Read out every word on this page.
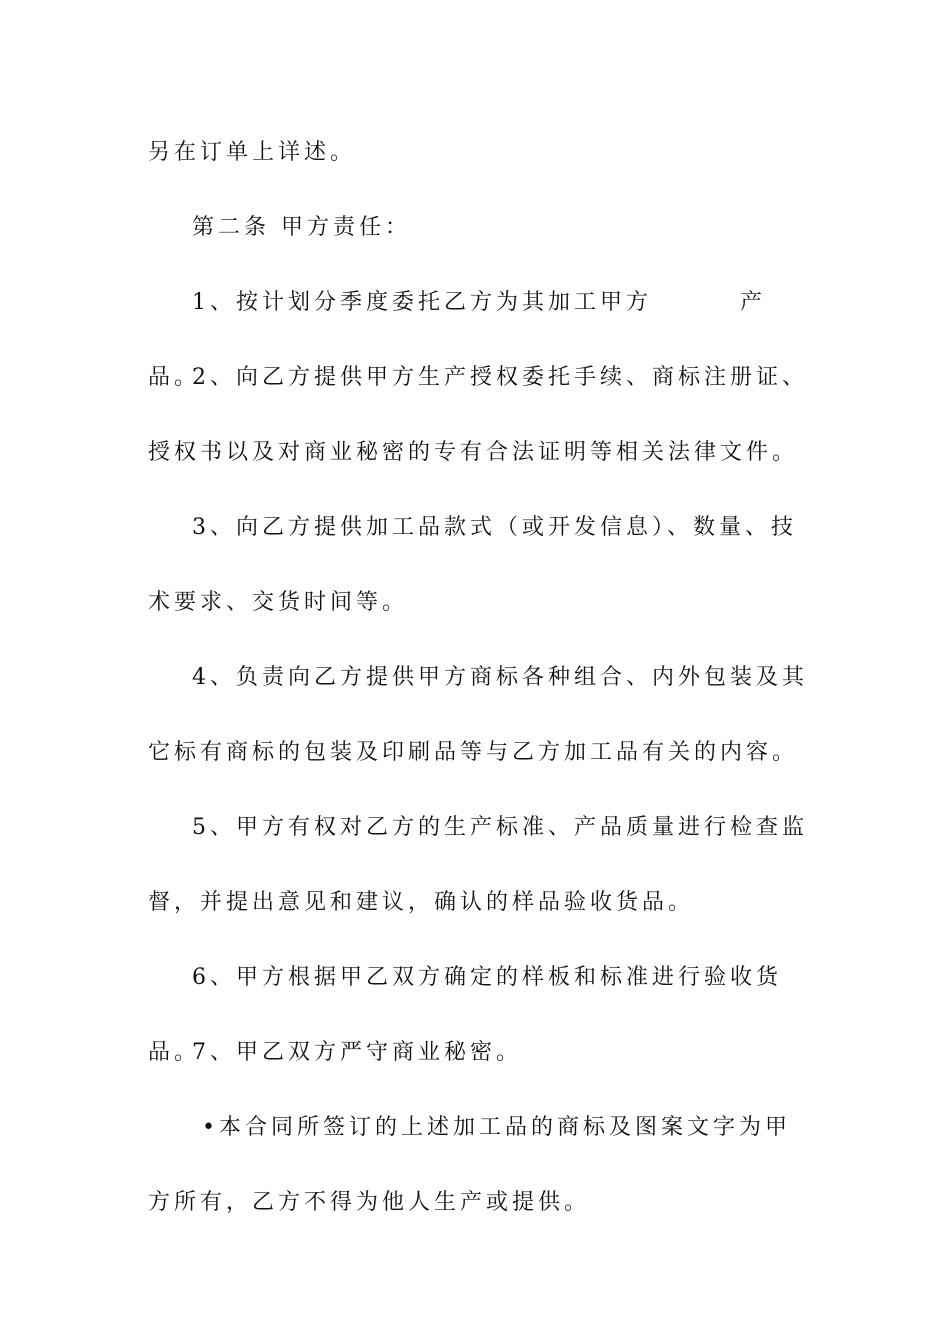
另在订单上详述。

第二条 甲方责任：

1、按计划分季度委托乙方为其加工甲方        产品。

2、向乙方提供甲方生产授权委托手续、商标注册证、授权书以及对商业秘密的专有合法证明等相关法律文件。

3、向乙方提供加工品款式（或开发信息）、数量、技术要求、交货时间等。

4、负责向乙方提供甲方商标各种组合、内外包装及其它标有商标的包装及印刷品等与乙方加工品有关的内容。

5、甲方有权对乙方的生产标准、产品质量进行检查监督，并提出意见和建议，确认的样品验收货品。

6、甲方根据甲乙双方确定的样板和标准进行验收货品。

7、甲乙双方严守商业秘密。

•本合同所签订的上述加工品的商标及图案文字为甲方所有，乙方不得为他人生产或提供。
